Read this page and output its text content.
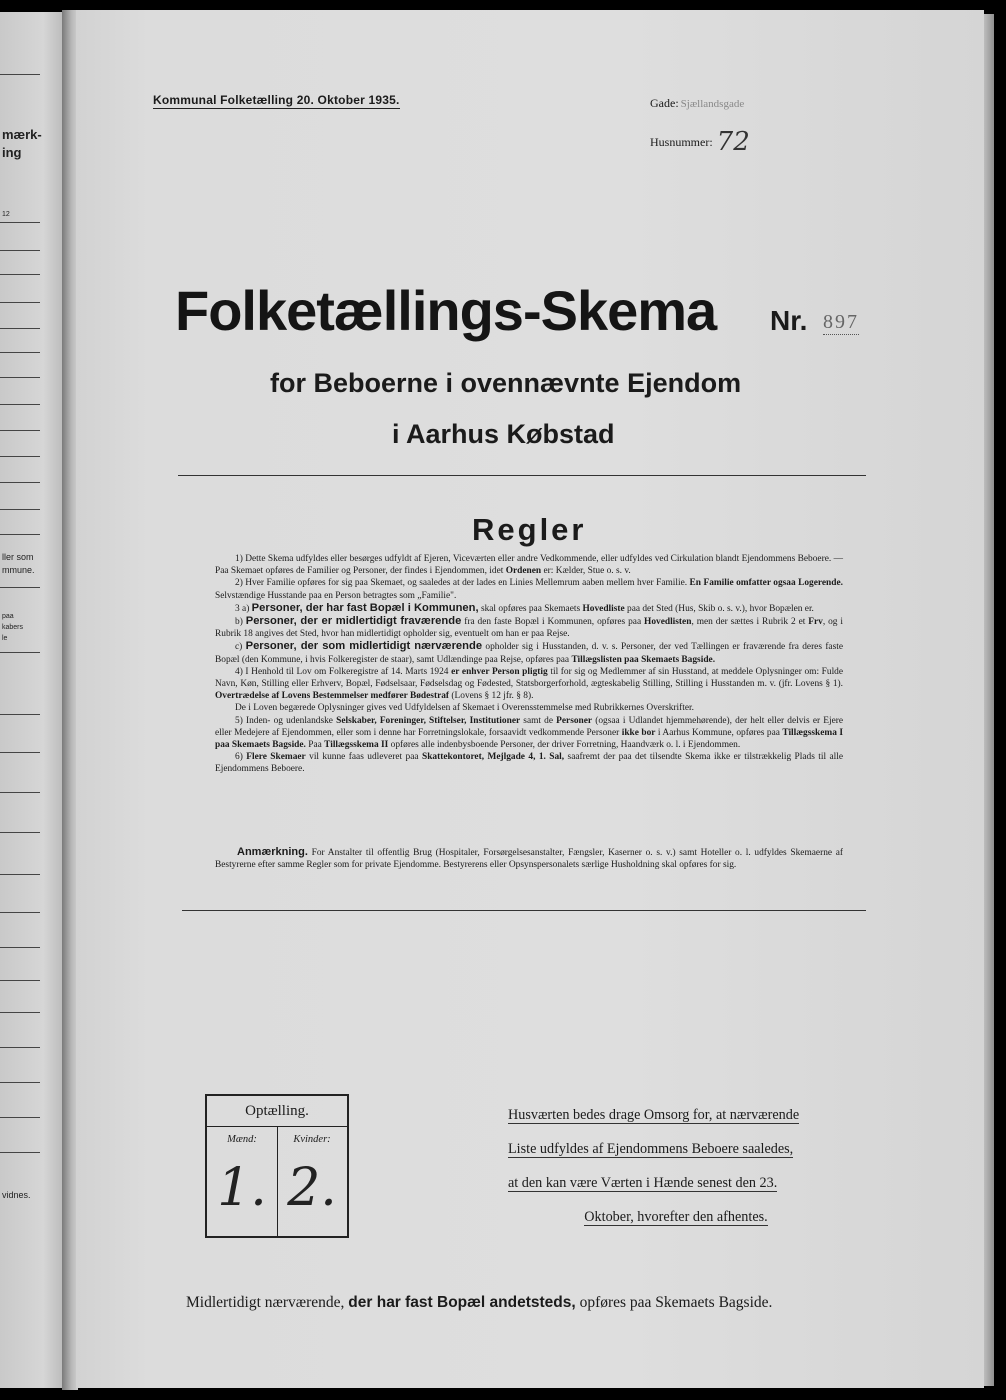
mærk-
ing
12
ller som
mmune.
paa
kabers
le
vidnes.
Kommunal Folketælling 20. Oktober 1935.	Gade: Sjællandsgade
Husnummer: 72
Folketællings-Skema Nr. 897
for Beboerne i ovennævnte Ejendom
i Aarhus Købstad
Regler

1) Dette Skema udfyldes eller besørges udfyldt af Ejeren, Viceværten eller andre Vedkommende, eller udfyldes ved Cirkulation blandt Ejendommens Beboere. — Paa Skemaet opføres de Familier og Personer, der findes i Ejendommen, idet Ordenen er: Kælder, Stue o. s. v.

2) Hver Familie opføres for sig paa Skemaet, og saaledes at der lades en Linies Mellemrum aaben mellem hver Familie. En Familie omfatter ogsaa Logerende. Selvstændige Husstande paa en Person betragtes som „Familie".

3 a) Personer, der har fast Bopæl i Kommunen, skal opføres paa Skemaets Hovedliste paa det Sted (Hus, Skib o. s. v.), hvor Bopælen er.

b) Personer, der er midlertidigt fraværende fra den faste Bopæl i Kommunen, opføres paa Hovedlisten, men der sættes i Rubrik 2 et Frv, og i Rubrik 18 angives det Sted, hvor han midlertidigt opholder sig, eventuelt om han er paa Rejse.

c) Personer, der som midlertidigt nærværende opholder sig i Husstanden, d. v. s. Personer, der ved Tællingen er fraværende fra deres faste Bopæl (den Kommune, i hvis Folkeregister de staar), samt Udlændinge paa Rejse, opføres paa Tillægslisten paa Skemaets Bagside.

4) I Henhold til Lov om Folkeregistre af 14. Marts 1924 er enhver Person pligtig til for sig og Medlemmer af sin Husstand, at meddele Oplysninger om: Fulde Navn, Køn, Stilling eller Erhverv, Bopæl, Fødselsaar, Fødselsdag og Fødested, Statsborgerforhold, ægteskabelig Stilling, Stilling i Husstanden m. v. (jfr. Lovens § 1). Overtrædelse af Lovens Bestemmelser medfører Bødestraf (Lovens § 12 jfr. § 8).

De i Loven begærede Oplysninger gives ved Udfyldelsen af Skemaet i Overensstemmelse med Rubrikkernes Overskrifter.

5) Inden- og udenlandske Selskaber, Foreninger, Stiftelser, Institutioner samt de Personer (ogsaa i Udlandet hjemmehørende), der helt eller delvis er Ejere eller Medejere af Ejendommen, eller som i denne har Forretningslokale, forsaavidt vedkommende Personer ikke bor i Aarhus Kommune, opføres paa Tillægsskema I paa Skemaets Bagside. Paa Tillægsskema II opføres alle indenbysboende Personer, der driver Forretning, Haandværk o. l. i Ejendommen.

6) Flere Skemaer vil kunne faas udleveret paa Skattekontoret, Mejlgade 4, 1. Sal, saafremt der paa det tilsendte Skema ikke er tilstrækkelig Plads til alle Ejendommens Beboere.

Anmærkning. For Anstalter til offentlig Brug (Hospitaler, Forsørgelsesanstalter, Fængsler, Kaserner o. s. v.) samt Hoteller o. l. udfyldes Skemaerne af Bestyrerne efter samme Regler som for private Ejendomme. Bestyrerens eller Opsynspersonalets særlige Husholdning skal opføres for sig.
Optælling.
Mænd:	Kvinder:
1. 2.
Husværten bedes drage Omsorg for, at nærværende
Liste udfyldes af Ejendommens Beboere saaledes,
at den kan være Værten i Hænde senest den 23.

Oktober, hvorefter den afhentes.
Midlertidigt nærværende, der har fast Bopæl andetsteds, opføres paa Skemaets Bagside.
